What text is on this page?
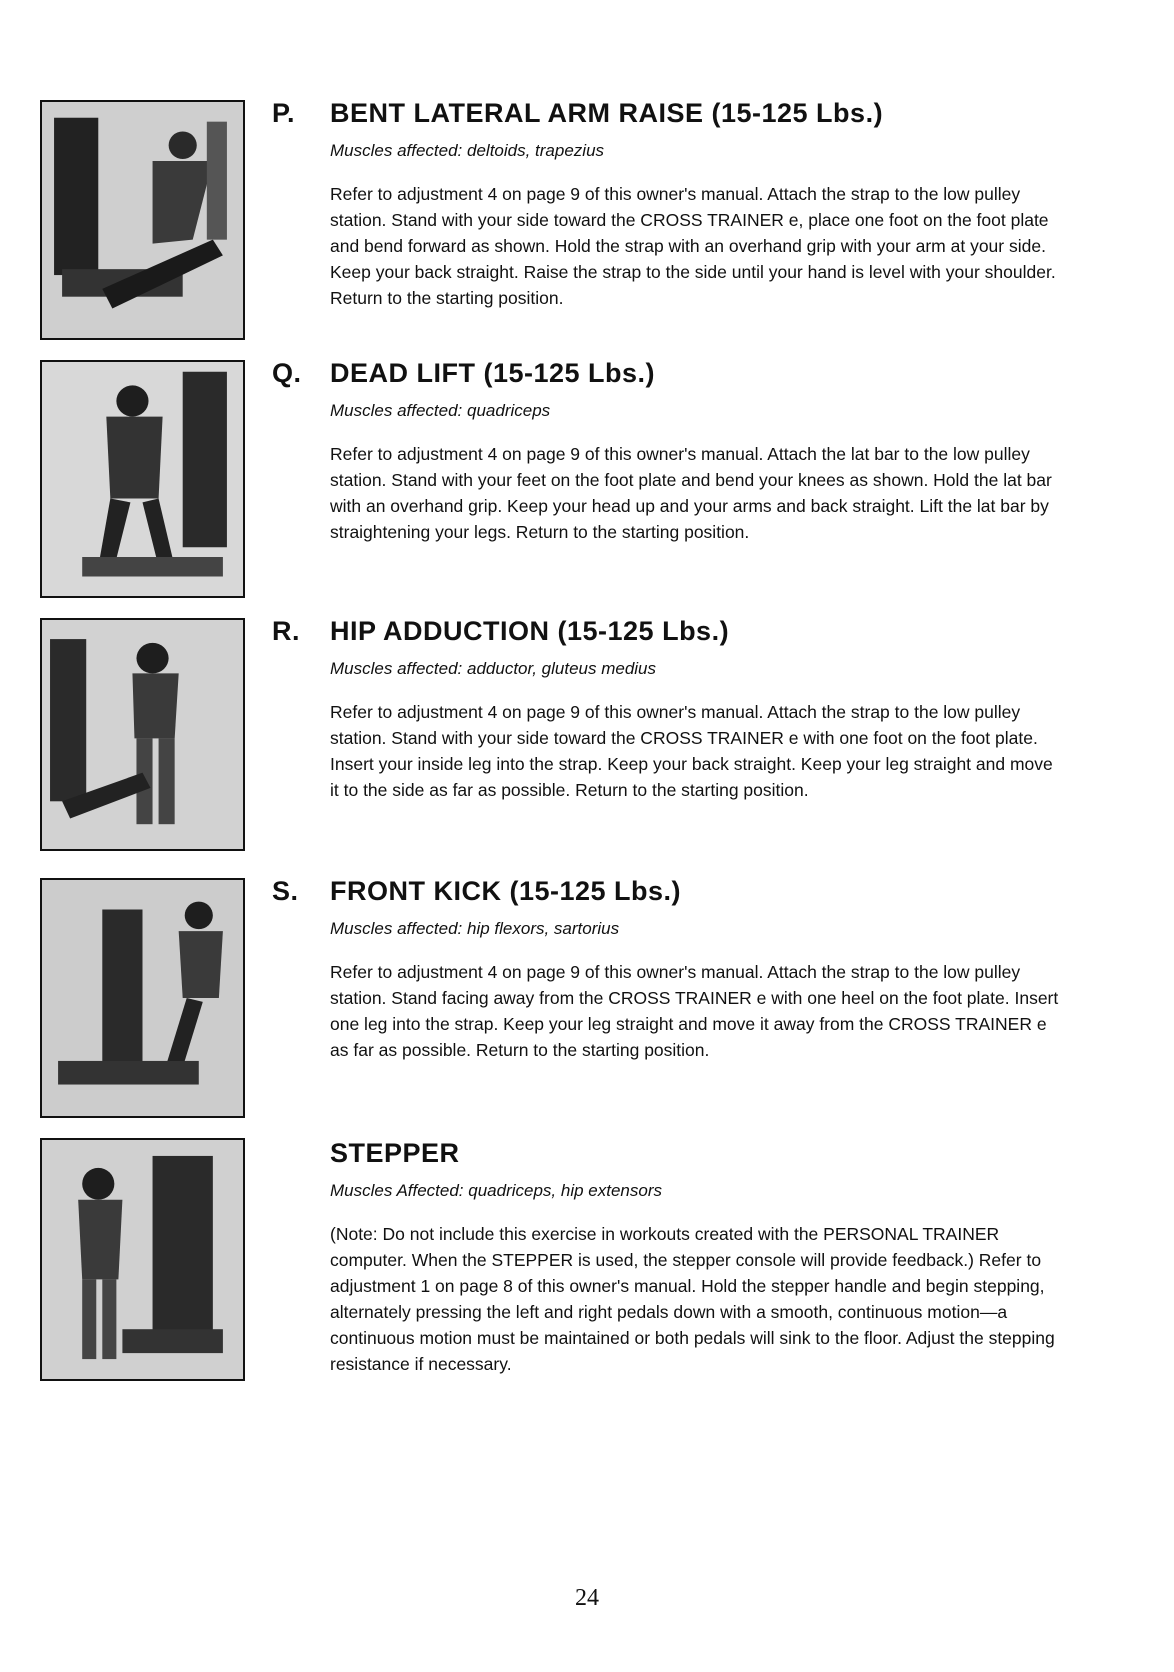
P. BENT LATERAL ARM RAISE (15-125 Lbs.)
Muscles affected: deltoids, trapezius
Refer to adjustment 4 on page 9 of this owner's manual. Attach the strap to the low pulley station. Stand with your side toward the CROSS TRAINER e, place one foot on the foot plate and bend forward as shown. Hold the strap with an overhand grip with your arm at your side. Keep your back straight. Raise the strap to the side until your hand is level with your shoulder. Return to the starting position.
Q. DEAD LIFT (15-125 Lbs.)
Muscles affected: quadriceps
Refer to adjustment 4 on page 9 of this owner's manual. Attach the lat bar to the low pulley station. Stand with your feet on the foot plate and bend your knees as shown. Hold the lat bar with an overhand grip. Keep your head up and your arms and back straight. Lift the lat bar by straightening your legs. Return to the starting position.
R. HIP ADDUCTION (15-125 Lbs.)
Muscles affected: adductor, gluteus medius
Refer to adjustment 4 on page 9 of this owner's manual. Attach the strap to the low pulley station. Stand with your side toward the CROSS TRAINER e with one foot on the foot plate. Insert your inside leg into the strap. Keep your back straight. Keep your leg straight and move it to the side as far as possible. Return to the starting position.
S. FRONT KICK (15-125 Lbs.)
Muscles affected: hip flexors, sartorius
Refer to adjustment 4 on page 9 of this owner's manual. Attach the strap to the low pulley station. Stand facing away from the CROSS TRAINER e with one heel on the foot plate. Insert one leg into the strap. Keep your leg straight and move it away from the CROSS TRAINER e as far as possible. Return to the starting position.
STEPPER
Muscles Affected: quadriceps, hip extensors
(Note: Do not include this exercise in workouts created with the PERSONAL TRAINER computer. When the STEPPER is used, the stepper console will provide feedback.) Refer to adjustment 1 on page 8 of this owner's manual. Hold the stepper handle and begin stepping, alternately pressing the left and right pedals down with a smooth, continuous motion—a continuous motion must be maintained or both pedals will sink to the floor. Adjust the stepping resistance if necessary.
24
